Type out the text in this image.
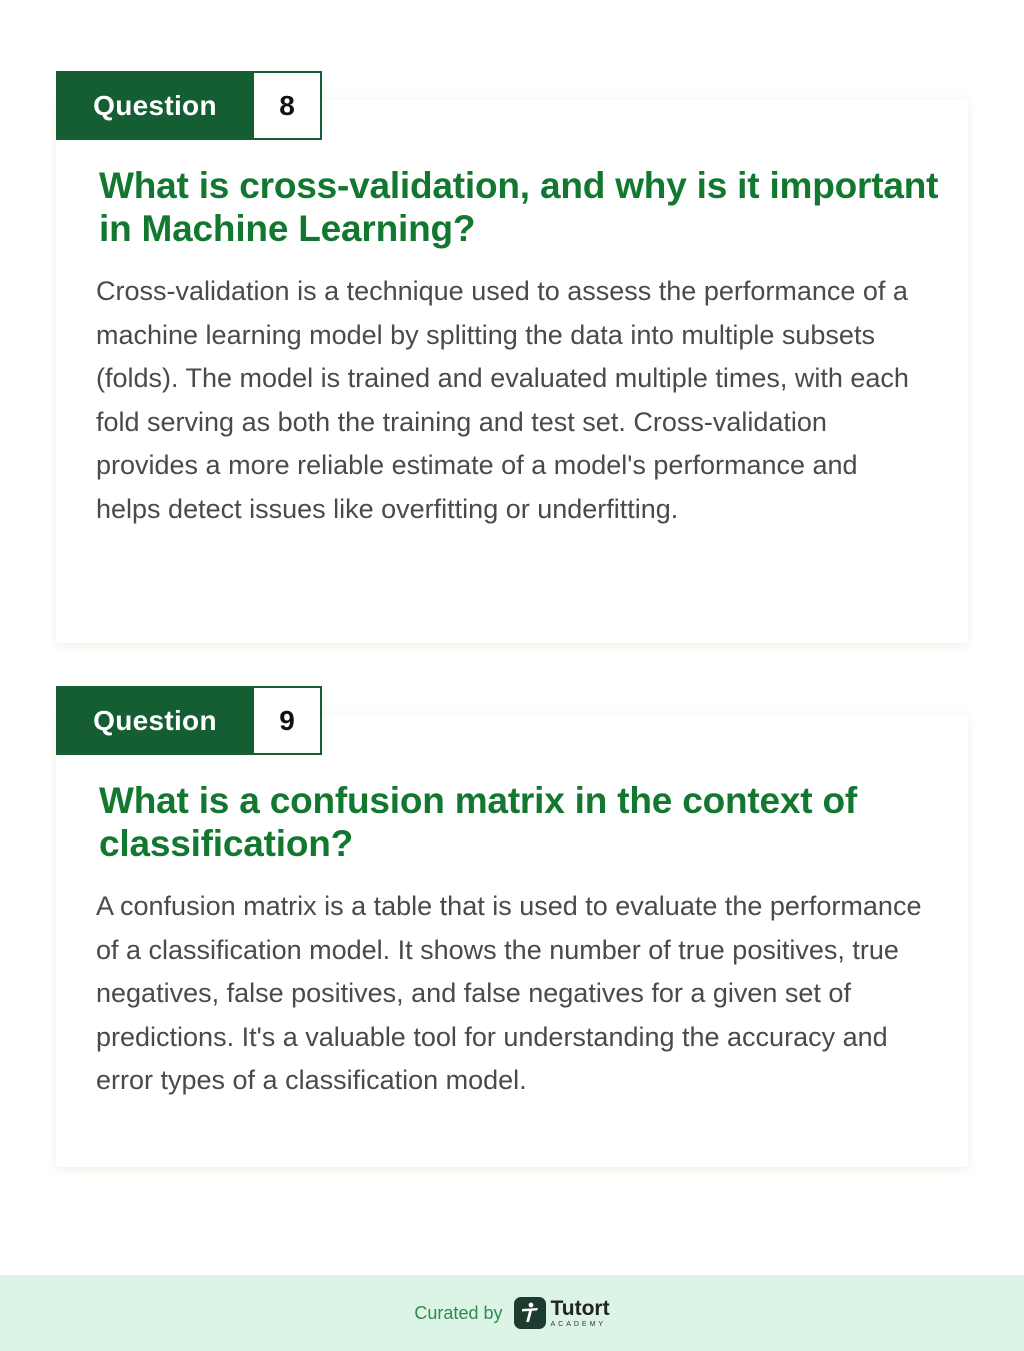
Question	8
What is cross-validation, and why is it important in Machine Learning?

Cross-validation is a technique used to assess the performance of a machine learning model by splitting the data into multiple subsets (folds). The model is trained and evaluated multiple times, with each fold serving as both the training and test set. Cross-validation provides a more reliable estimate of a model's performance and helps detect issues like overfitting or underfitting.

Question	9
What is a confusion matrix in the context of classification?

A confusion matrix is a table that is used to evaluate the performance of a classification model. It shows the number of true positives, true negatives, false positives, and false negatives for a given set of predictions. It's a valuable tool for understanding the accuracy and error types of a classification model.

Curated by Tutort
ACADEMY
